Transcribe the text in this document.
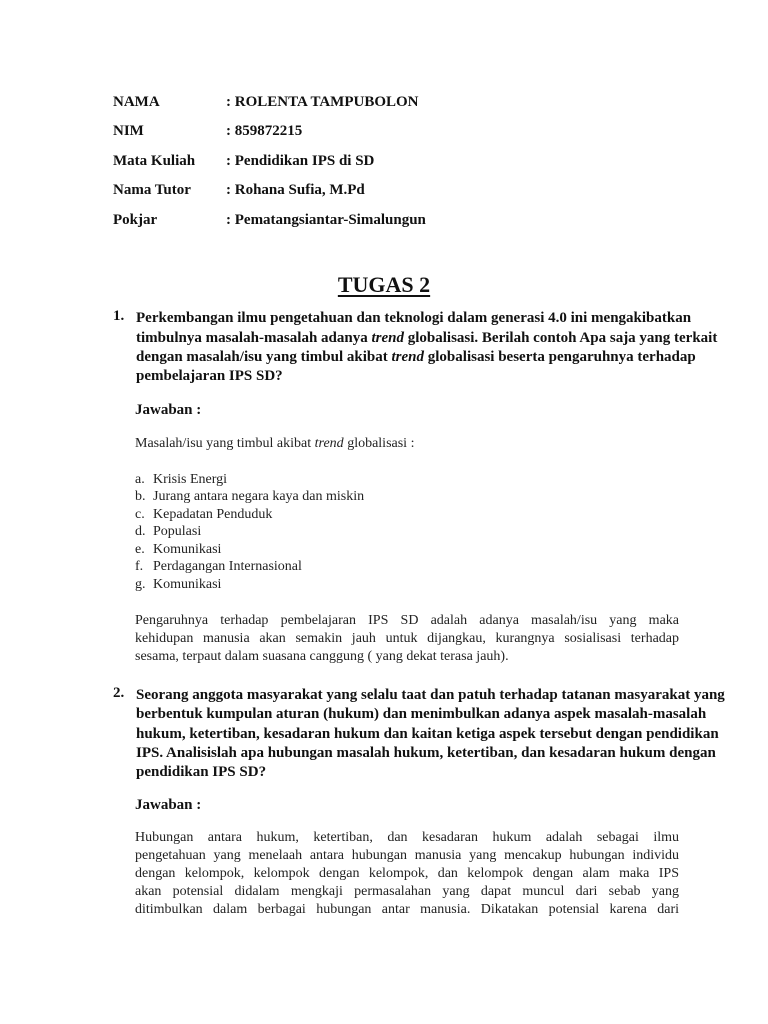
NAMA	: ROLENTA TAMPUBOLON
NIM	: 859872215
Mata Kuliah : Pendidikan IPS di SD
Nama Tutor : Rohana Sufia, M.Pd
Pokjar	: Pematangsiantar-Simalungun
TUGAS 2
1. Perkembangan ilmu pengetahuan dan teknologi dalam generasi 4.0 ini mengakibatkan
timbulnya masalah-masalah adanya trend globalisasi. Berilah contoh Apa saja yang terkait
dengan masalah/isu yang timbul akibat trend globalisasi beserta pengaruhnya terhadap
pembelajaran IPS SD?
Jawaban :
Masalah/isu yang timbul akibat trend globalisasi :
a. Krisis Energi
b. Jurang antara negara kaya dan miskin
c. Kepadatan Penduduk
d. Populasi
e. Komunikasi
f. Perdagangan Internasional
g. Komunikasi
Pengaruhnya terhadap pembelajaran IPS SD adalah adanya masalah/isu yang maka
kehidupan manusia akan semakin jauh untuk dijangkau, kurangnya sosialisasi terhadap
sesama, terpaut dalam suasana canggung ( yang dekat terasa jauh).
2. Seorang anggota masyarakat yang selalu taat dan patuh terhadap tatanan masyarakat yang
berbentuk kumpulan aturan (hukum) dan menimbulkan adanya aspek masalah-masalah
hukum, ketertiban, kesadaran hukum dan kaitan ketiga aspek tersebut dengan pendidikan
IPS. Analisislah apa hubungan masalah hukum, ketertiban, dan kesadaran hukum dengan
pendidikan IPS SD?
Jawaban :
Hubungan antara hukum, ketertiban, dan kesadaran hukum adalah sebagai ilmu
pengetahuan yang menelaah antara hubungan manusia yang mencakup hubungan individu
dengan kelompok, kelompok dengan kelompok, dan kelompok dengan alam maka IPS
akan potensial didalam mengkaji permasalahan yang dapat muncul dari sebab yang
ditimbulkan dalam berbagai hubungan antar manusia. Dikatakan potensial karena dari
